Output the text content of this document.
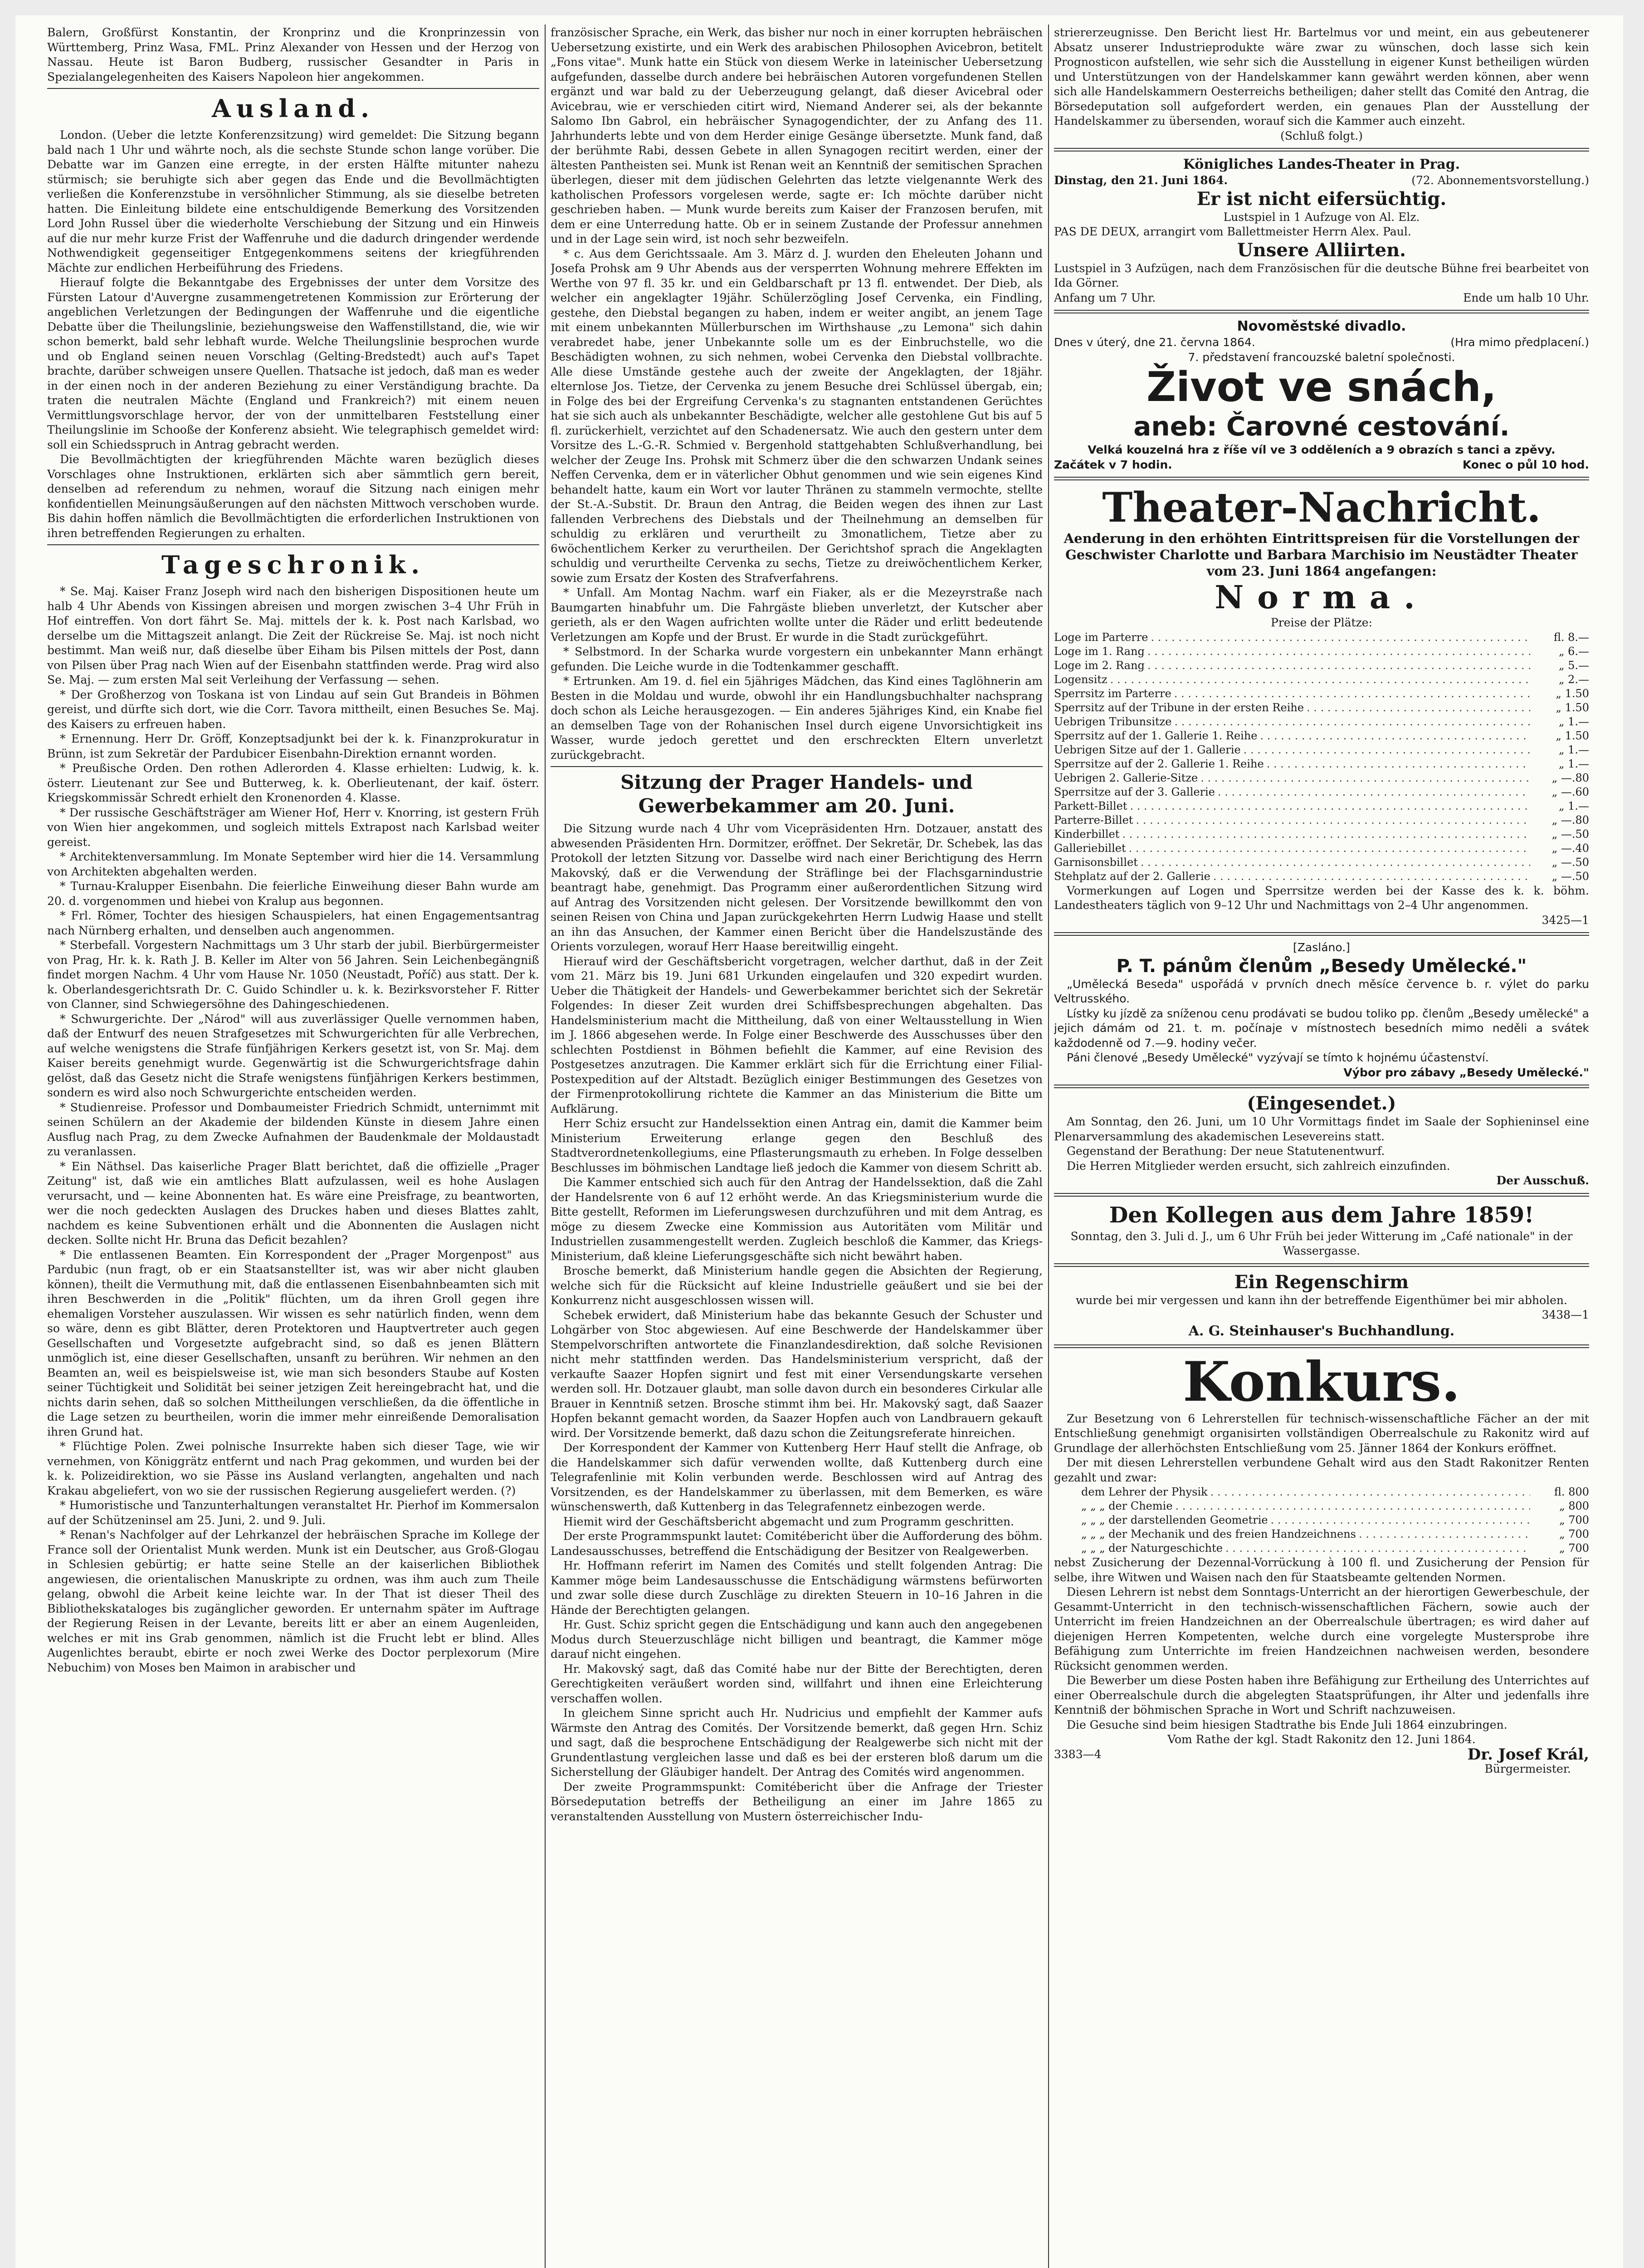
Balern, Großfürst Konstantin, der Kronprinz und die Kronprinzessin von Württemberg, Prinz Wasa, FML. Prinz Alexander von Hessen und der Herzog von Nassau. Heute ist Baron Budberg, russischer Gesandter in Paris in Spezialangelegenheiten des Kaisers Napoleon hier angekommen.

Ausland.

London. (Ueber die letzte Konferenzsitzung) wird gemeldet: Die Sitzung begann bald nach 1 Uhr und währte noch, als die sechste Stunde schon lange vorüber. Die Debatte war im Ganzen eine erregte, in der ersten Hälfte mitunter nahezu stürmisch; sie beruhigte sich aber gegen das Ende und die Bevollmächtigten verließen die Konferenzstube in versöhnlicher Stimmung, als sie dieselbe betreten hatten. Die Einleitung bildete eine entschuldigende Bemerkung des Vorsitzenden Lord John Russel über die wiederholte Verschiebung der Sitzung und ein Hinweis auf die nur mehr kurze Frist der Waffenruhe und die dadurch dringender werdende Nothwendigkeit gegenseitiger Entgegenkommens seitens der kriegführenden Mächte zur endlichen Herbeiführung des Friedens.

Hierauf folgte die Bekanntgabe des Ergebnisses der unter dem Vorsitze des Fürsten Latour d'Auvergne zusammengetretenen Kommission zur Erörterung der angeblichen Verletzungen der Bedingungen der Waffenruhe und die eigentliche Debatte über die Theilungslinie, beziehungsweise den Waffenstillstand, die, wie wir schon bemerkt, bald sehr lebhaft wurde. Welche Theilungslinie besprochen wurde und ob England seinen neuen Vorschlag (Gelting-Bredstedt) auch auf's Tapet brachte, darüber schweigen unsere Quellen. Thatsache ist jedoch, daß man es weder in der einen noch in der anderen Beziehung zu einer Verständigung brachte. Da traten die neutralen Mächte (England und Frankreich?) mit einem neuen Vermittlungsvorschlage hervor, der von der unmittelbaren Feststellung einer Theilungslinie im Schooße der Konferenz absieht. Wie telegraphisch gemeldet wird: soll ein Schiedsspruch in Antrag gebracht werden.

Die Bevollmächtigten der kriegführenden Mächte waren bezüglich dieses Vorschlages ohne Instruktionen, erklärten sich aber sämmtlich gern bereit, denselben ad referendum zu nehmen, worauf die Sitzung nach einigen mehr konfidentiellen Meinungsäußerungen auf den nächsten Mittwoch verschoben wurde. Bis dahin hoffen nämlich die Bevollmächtigten die erforderlichen Instruktionen von ihren betreffenden Regierungen zu erhalten.

Tageschronik.

* Se. Maj. Kaiser Franz Joseph wird nach den bisherigen Dispositionen heute um halb 4 Uhr Abends von Kissingen abreisen und morgen zwischen 3–4 Uhr Früh in Hof eintreffen. Von dort fährt Se. Maj. mittels der k. k. Post nach Karlsbad, wo derselbe um die Mittagszeit anlangt. Die Zeit der Rückreise Se. Maj. ist noch nicht bestimmt. Man weiß nur, daß dieselbe über Eiham bis Pilsen mittels der Post, dann von Pilsen über Prag nach Wien auf der Eisenbahn stattfinden werde. Prag wird also Se. Maj. — zum ersten Mal seit Verleihung der Verfassung — sehen.

* Der Großherzog von Toskana ist von Lindau auf sein Gut Brandeis in Böhmen gereist, und dürfte sich dort, wie die Corr. Tavora mittheilt, einen Besuches Se. Maj. des Kaisers zu erfreuen haben.

* Ernennung. Herr Dr. Gröff, Konzeptsadjunkt bei der k. k. Finanzprokuratur in Brünn, ist zum Sekretär der Pardubicer Eisenbahn-Direktion ernannt worden.

* Preußische Orden. Den rothen Adlerorden 4. Klasse erhielten: Ludwig, k. k. österr. Lieutenant zur See und Butterweg, k. k. Oberlieutenant, der kaif. österr. Kriegskommissär Schredt erhielt den Kronenorden 4. Klasse.

* Der russische Geschäftsträger am Wiener Hof, Herr v. Knorring, ist gestern Früh von Wien hier angekommen, und sogleich mittels Extrapost nach Karlsbad weiter gereist.

* Architektenversammlung. Im Monate September wird hier die 14. Versammlung von Architekten abgehalten werden.

* Turnau-Kralupper Eisenbahn. Die feierliche Einweihung dieser Bahn wurde am 20. d. vorgenommen und hiebei von Kralup aus begonnen.

* Frl. Römer, Tochter des hiesigen Schauspielers, hat einen Engagementsantrag nach Nürnberg erhalten, und denselben auch angenommen.

* Sterbefall. Vorgestern Nachmittags um 3 Uhr starb der jubil. Bierbürgermeister von Prag, Hr. k. k. Rath J. B. Keller im Alter von 56 Jahren. Sein Leichenbegängniß findet morgen Nachm. 4 Uhr vom Hause Nr. 1050 (Neustadt, Poříč) aus statt. Der k. k. Oberlandesgerichtsrath Dr. C. Guido Schindler u. k. k. Bezirksvorsteher F. Ritter von Clanner, sind Schwiegersöhne des Dahingeschiedenen.

* Schwurgerichte. Der „Národ" will aus zuverlässiger Quelle vernommen haben, daß der Entwurf des neuen Strafgesetzes mit Schwurgerichten für alle Verbrechen, auf welche wenigstens die Strafe fünfjährigen Kerkers gesetzt ist, von Sr. Maj. dem Kaiser bereits genehmigt wurde. Gegenwärtig ist die Schwurgerichtsfrage dahin gelöst, daß das Gesetz nicht die Strafe wenigstens fünfjährigen Kerkers bestimmen, sondern es wird also noch Schwurgerichte entscheiden werden.

* Studienreise. Professor und Dombaumeister Friedrich Schmidt, unternimmt mit seinen Schülern an der Akademie der bildenden Künste in diesem Jahre einen Ausflug nach Prag, zu dem Zwecke Aufnahmen der Baudenkmale der Moldaustadt zu veranlassen.

* Ein Näthsel. Das kaiserliche Prager Blatt berichtet, daß die offizielle „Prager Zeitung" ist, daß wie ein amtliches Blatt aufzulassen, weil es hohe Auslagen verursacht, und — keine Abonnenten hat. Es wäre eine Preisfrage, zu beantworten, wer die noch gedeckten Auslagen des Druckes haben und dieses Blattes zahlt, nachdem es keine Subventionen erhält und die Abonnenten die Auslagen nicht decken. Sollte nicht Hr. Bruna das Deficit bezahlen?

* Die entlassenen Beamten. Ein Korrespondent der „Prager Morgenpost" aus Pardubic (nun fragt, ob er ein Staatsanstellter ist, was wir aber nicht glauben können), theilt die Vermuthung mit, daß die entlassenen Eisenbahnbeamten sich mit ihren Beschwerden in die „Politik" flüchten, um da ihren Groll gegen ihre ehemaligen Vorsteher auszulassen. Wir wissen es sehr natürlich finden, wenn dem so wäre, denn es gibt Blätter, deren Protektoren und Hauptvertreter auch gegen Gesellschaften und Vorgesetzte aufgebracht sind, so daß es jenen Blättern unmöglich ist, eine dieser Gesellschaften, unsanft zu berühren. Wir nehmen an den Beamten an, weil es beispielsweise ist, wie man sich besonders Staube auf Kosten seiner Tüchtigkeit und Solidität bei seiner jetzigen Zeit hereingebracht hat, und die nichts darin sehen, daß so solchen Mittheilungen verschließen, da die öffentliche in die Lage setzen zu beurtheilen, worin die immer mehr einreißende Demoralisation ihren Grund hat.

* Flüchtige Polen. Zwei polnische Insurrekte haben sich dieser Tage, wie wir vernehmen, von Königgrätz entfernt und nach Prag gekommen, und wurden bei der k. k. Polizeidirektion, wo sie Pässe ins Ausland verlangten, angehalten und nach Krakau abgeliefert, von wo sie der russischen Regierung ausgeliefert werden. (?)

* Humoristische und Tanzunterhaltungen veranstaltet Hr. Pierhof im Kommersalon auf der Schützeninsel am 25. Juni, 2. und 9. Juli.

* Renan's Nachfolger auf der Lehrkanzel der hebräischen Sprache im Kollege der France soll der Orientalist Munk werden. Munk ist ein Deutscher, aus Groß-Glogau in Schlesien gebürtig; er hatte seine Stelle an der kaiserlichen Bibliothek angewiesen, die orientalischen Manuskripte zu ordnen, was ihm auch zum Theile gelang, obwohl die Arbeit keine leichte war. In der That ist dieser Theil des Bibliothekskataloges bis zugänglicher geworden. Er unternahm später im Auftrage der Regierung Reisen in der Levante, bereits litt er aber an einem Augenleiden, welches er mit ins Grab genommen, nämlich ist die Frucht lebt er blind. Alles Augenlichtes beraubt, ebirte er noch zwei Werke des Doctor perplexorum (Mire Nebuchim) von Moses ben Maimon in arabischer und

französischer Sprache, ein Werk, das bisher nur noch in einer korrupten hebräischen Uebersetzung existirte, und ein Werk des arabischen Philosophen Avicebron, betitelt „Fons vitae". Munk hatte ein Stück von diesem Werke in lateinischer Uebersetzung aufgefunden, dasselbe durch andere bei hebräischen Autoren vorgefundenen Stellen ergänzt und war bald zu der Ueberzeugung gelangt, daß dieser Avicebral oder Avicebrau, wie er verschieden citirt wird, Niemand Anderer sei, als der bekannte Salomo Ibn Gabrol, ein hebräischer Synagogendichter, der zu Anfang des 11. Jahrhunderts lebte und von dem Herder einige Gesänge übersetzte. Munk fand, daß der berühmte Rabi, dessen Gebete in allen Synagogen recitirt werden, einer der ältesten Pantheisten sei. Munk ist Renan weit an Kenntniß der semitischen Sprachen überlegen, dieser mit dem jüdischen Gelehrten das letzte vielgenannte Werk des katholischen Professors vorgelesen werde, sagte er: Ich möchte darüber nicht geschrieben haben. — Munk wurde bereits zum Kaiser der Franzosen berufen, mit dem er eine Unterredung hatte. Ob er in seinem Zustande der Professur annehmen und in der Lage sein wird, ist noch sehr bezweifeln.

* c. Aus dem Gerichtssaale. Am 3. März d. J. wurden den Eheleuten Johann und Josefa Prohsk am 9 Uhr Abends aus der versperrten Wohnung mehrere Effekten im Werthe von 97 fl. 35 kr. und ein Geldbarschaft pr 13 fl. entwendet. Der Dieb, als welcher ein angeklagter 19jähr. Schülerzögling Josef Cervenka, ein Findling, gestehe, den Diebstal begangen zu haben, indem er weiter angibt, an jenem Tage mit einem unbekannten Müllerburschen im Wirthshause „zu Lemona" sich dahin verabredet habe, jener Unbekannte solle um es der Einbruchstelle, wo die Beschädigten wohnen, zu sich nehmen, wobei Cervenka den Diebstal vollbrachte. Alle diese Umstände gestehe auch der zweite der Angeklagten, der 18jähr. elternlose Jos. Tietze, der Cervenka zu jenem Besuche drei Schlüssel übergab, ein; in Folge des bei der Ergreifung Cervenka's zu stagnanten entstandenen Gerüchtes hat sie sich auch als unbekannter Beschädigte, welcher alle gestohlene Gut bis auf 5 fl. zurückerhielt, verzichtet auf den Schadenersatz. Wie auch den gestern unter dem Vorsitze des L.-G.-R. Schmied v. Bergenhold stattgehabten Schlußverhandlung, bei welcher der Zeuge Ins. Prohsk mit Schmerz über die den schwarzen Undank seines Neffen Cervenka, dem er in väterlicher Obhut genommen und wie sein eigenes Kind behandelt hatte, kaum ein Wort vor lauter Thränen zu stammeln vermochte, stellte der St.-A.-Substit. Dr. Braun den Antrag, die Beiden wegen des ihnen zur Last fallenden Verbrechens des Diebstals und der Theilnehmung an demselben für schuldig zu erklären und verurtheilt zu 3monatlichem, Tietze aber zu 6wöchentlichem Kerker zu verurtheilen. Der Gerichtshof sprach die Angeklagten schuldig und verurtheilte Cervenka zu sechs, Tietze zu dreiwöchentlichem Kerker, sowie zum Ersatz der Kosten des Strafverfahrens.

* Unfall. Am Montag Nachm. warf ein Fiaker, als er die Mezeyrstraße nach Baumgarten hinabfuhr um. Die Fahrgäste blieben unverletzt, der Kutscher aber gerieth, als er den Wagen aufrichten wollte unter die Räder und erlitt bedeutende Verletzungen am Kopfe und der Brust. Er wurde in die Stadt zurückgeführt.

* Selbstmord. In der Scharka wurde vorgestern ein unbekannter Mann erhängt gefunden. Die Leiche wurde in die Todtenkammer geschafft.

* Ertrunken. Am 19. d. fiel ein 5jähriges Mädchen, das Kind eines Taglöhnerin am Besten in die Moldau und wurde, obwohl ihr ein Handlungsbuchhalter nachsprang doch schon als Leiche herausgezogen. — Ein anderes 5jähriges Kind, ein Knabe fiel an demselben Tage von der Rohanischen Insel durch eigene Unvorsichtigkeit ins Wasser, wurde jedoch gerettet und den erschreckten Eltern unverletzt zurückgebracht.

Sitzung der Prager Handels- und Gewerbekammer am 20. Juni.

Die Sitzung wurde nach 4 Uhr vom Vicepräsidenten Hrn. Dotzauer, anstatt des abwesenden Präsidenten Hrn. Dormitzer, eröffnet. Der Sekretär, Dr. Schebek, las das Protokoll der letzten Sitzung vor. Dasselbe wird nach einer Berichtigung des Herrn Makovský, daß er die Verwendung der Sträflinge bei der Flachsgarnindustrie beantragt habe, genehmigt. Das Programm einer außerordentlichen Sitzung wird auf Antrag des Vorsitzenden nicht gelesen. Der Vorsitzende bewillkommt den von seinen Reisen von China und Japan zurückgekehrten Herrn Ludwig Haase und stellt an ihn das Ansuchen, der Kammer einen Bericht über die Handelszustände des Orients vorzulegen, worauf Herr Haase bereitwillig eingeht.

Hierauf wird der Geschäftsbericht vorgetragen, welcher darthut, daß in der Zeit vom 21. März bis 19. Juni 681 Urkunden eingelaufen und 320 expedirt wurden. Ueber die Thätigkeit der Handels- und Gewerbekammer berichtet sich der Sekretär Folgendes: In dieser Zeit wurden drei Schiffsbesprechungen abgehalten. Das Handelsministerium macht die Mittheilung, daß von einer Weltausstellung in Wien im J. 1866 abgesehen werde. In Folge einer Beschwerde des Ausschusses über den schlechten Postdienst in Böhmen befiehlt die Kammer, auf eine Revision des Postgesetzes anzutragen. Die Kammer erklärt sich für die Errichtung einer Filial-Postexpedition auf der Altstadt. Bezüglich einiger Bestimmungen des Gesetzes von der Firmenprotokollirung richtete die Kammer an das Ministerium die Bitte um Aufklärung.

Herr Schiz ersucht zur Handelssektion einen Antrag ein, damit die Kammer beim Ministerium Erweiterung erlange gegen den Beschluß des Stadtverordnetenkollegiums, eine Pflasterungsmauth zu erheben. In Folge desselben Beschlusses im böhmischen Landtage ließ jedoch die Kammer von diesem Schritt ab.

Die Kammer entschied sich auch für den Antrag der Handelssektion, daß die Zahl der Handelsrente von 6 auf 12 erhöht werde. An das Kriegsministerium wurde die Bitte gestellt, Reformen im Lieferungswesen durchzuführen und mit dem Antrag, es möge zu diesem Zwecke eine Kommission aus Autoritäten vom Militär und Industriellen zusammengestellt werden. Zugleich beschloß die Kammer, das Kriegs-Ministerium, daß kleine Lieferungsgeschäfte sich nicht bewährt haben.

Brosche bemerkt, daß Ministerium handle gegen die Absichten der Regierung, welche sich für die Rücksicht auf kleine Industrielle geäußert und sie bei der Konkurrenz nicht ausgeschlossen wissen will.

Schebek erwidert, daß Ministerium habe das bekannte Gesuch der Schuster und Lohgärber von Stoc abgewiesen. Auf eine Beschwerde der Handelskammer über Stempelvorschriften antwortete die Finanzlandesdirektion, daß solche Revisionen nicht mehr stattfinden werden. Das Handelsministerium verspricht, daß der verkaufte Saazer Hopfen signirt und fest mit einer Versendungskarte versehen werden soll. Hr. Dotzauer glaubt, man solle davon durch ein besonderes Cirkular alle Brauer in Kenntniß setzen. Brosche stimmt ihm bei. Hr. Makovský sagt, daß Saazer Hopfen bekannt gemacht worden, da Saazer Hopfen auch von Landbrauern gekauft wird. Der Vorsitzende bemerkt, daß dazu schon die Zeitungsreferate hinreichen.

Der Korrespondent der Kammer von Kuttenberg Herr Hauf stellt die Anfrage, ob die Handelskammer sich dafür verwenden wollte, daß Kuttenberg durch eine Telegrafenlinie mit Kolin verbunden werde. Beschlossen wird auf Antrag des Vorsitzenden, es der Handelskammer zu überlassen, mit dem Bemerken, es wäre wünschenswerth, daß Kuttenberg in das Telegrafennetz einbezogen werde.

Hiemit wird der Geschäftsbericht abgemacht und zum Programm geschritten.

Der erste Programmspunkt lautet: Comitébericht über die Aufforderung des böhm. Landesausschusses, betreffend die Entschädigung der Besitzer von Realgewerben.

Hr. Hoffmann referirt im Namen des Comités und stellt folgenden Antrag: Die Kammer möge beim Landesausschusse die Entschädigung wärmstens befürworten und zwar solle diese durch Zuschläge zu direkten Steuern in 10–16 Jahren in die Hände der Berechtigten gelangen.

Hr. Gust. Schiz spricht gegen die Entschädigung und kann auch den angegebenen Modus durch Steuerzuschläge nicht billigen und beantragt, die Kammer möge darauf nicht eingehen.

Hr. Makovský sagt, daß das Comité habe nur der Bitte der Berechtigten, deren Gerechtigkeiten veräußert worden sind, willfahrt und ihnen eine Erleichterung verschaffen wollen.

In gleichem Sinne spricht auch Hr. Nudricius und empfiehlt der Kammer aufs Wärmste den Antrag des Comités. Der Vorsitzende bemerkt, daß gegen Hrn. Schiz und sagt, daß die besprochene Entschädigung der Realgewerbe sich nicht mit der Grundentlastung vergleichen lasse und daß es bei der ersteren bloß darum um die Sicherstellung der Gläubiger handelt. Der Antrag des Comités wird angenommen.

Der zweite Programmspunkt: Comitébericht über die Anfrage der Triester Börsedeputation betreffs der Betheiligung an einer im Jahre 1865 zu veranstaltenden Ausstellung von Mustern österreichischer Indu-

striererzeugnisse. Den Bericht liest Hr. Bartelmus vor und meint, ein aus gebeutenerer Absatz unserer Industrieprodukte wäre zwar zu wünschen, doch lasse sich kein Prognosticon aufstellen, wie sehr sich die Ausstellung in eigener Kunst betheiligen würden und Unterstützungen von der Handelskammer kann gewährt werden können, aber wenn sich alle Handelskammern Oesterreichs betheiligen; daher stellt das Comité den Antrag, die Börsedeputation soll aufgefordert werden, ein genaues Plan der Ausstellung der Handelskammer zu übersenden, worauf sich die Kammer auch einzeht.

(Schluß folgt.)

Königliches Landes-Theater in Prag.
Dinstag, den 21. Juni 1864.	(72. Abonnementsvorstellung.)
Er ist nicht eifersüchtig.

Lustspiel in 1 Aufzuge von Al. Elz.

PAS DE DEUX, arrangirt vom Ballettmeister Herrn Alex. Paul.

Unsere Alliirten.

Lustspiel in 3 Aufzügen, nach dem Französischen für die deutsche Bühne frei bearbeitet von Ida Görner.

Anfang um 7 Uhr.	Ende um halb 10 Uhr.
Novoměstské divadlo.
Dnes v úterý, dne 21. června 1864.	(Hra mimo předplacení.)

7. představení francouzské baletní společnosti.

Život ve snách,
aneb: Čarovné cestování.

Velká kouzelná hra z říše víl ve 3 odděleních a 9 obrazích s tanci a zpěvy.

Začátek v 7 hodin.	Konec o půl 10 hod.
Theater-Nachricht.

Aenderung in den erhöhten Eintrittspreisen für die Vorstellungen der Geschwister Charlotte und Barbara Marchisio im Neustädter Theater vom 23. Juni 1864 angefangen:

Norma.

Preise der Plätze:

Loge im Parterre . . .	fl. 8.—
Loge im 1. Rang . . .	„ 6.—
Loge im 2. Rang . . .	„ 5.—
Logensitz . . .	„ 2.—
Sperrsitz im Parterre . . .	„ 1.50
Sperrsitz auf der Tribune in der ersten Reihe . . .	„ 1.50
Uebrigen Tribunsitze . . .	„ 1.—
Sperrsitz auf der 1. Gallerie 1. Reihe . . .	„ 1.50
Uebrigen Sitze auf der 1. Gallerie . . .	„ 1.—
Sperrsitze auf der 2. Gallerie 1. Reihe . . .	„ 1.—
Uebrigen 2. Gallerie-Sitze . . .	„ —.80
Sperrsitze auf der 3. Gallerie . . .	„ —.60
Parkett-Billet . . .	„ 1.—
Parterre-Billet . . .	„ —.80
Kinderbillet . . .	„ —.50
Galleriebillet . . .	„ —.40
Garnisonsbillet . . .	„ —.50
Stehplatz auf der 2. Gallerie . . .	„ —.50

Vormerkungen auf Logen und Sperrsitze werden bei der Kasse des k. k. böhm. Landestheaters täglich von 9–12 Uhr und Nachmittags von 2–4 Uhr angenommen.

3425—1

[Zasláno.]

P. T. pánům členům „Besedy Umělecké."

„Umělecká Beseda" uspořádá v prvních dnech měsíce července b. r. výlet do parku Veltrusského.

Lístky ku jízdě za sníženou cenu prodávati se budou toliko pp. členům „Besedy umělecké" a jejich dámám od 21. t. m. počínaje v místnostech besedních mimo neděli a svátek každodenně od 7.—9. hodiny večer.

Páni členové „Besedy Umělecké" vyzývají se tímto k hojnému účastenství.

Výbor pro zábavy „Besedy Umělecké."

(Eingesendet.)

Am Sonntag, den 26. Juni, um 10 Uhr Vormittags findet im Saale der Sophieninsel eine Plenarversammlung des akademischen Lesevereins statt.

Gegenstand der Berathung: Der neue Statutenentwurf.

Die Herren Mitglieder werden ersucht, sich zahlreich einzufinden.

Der Ausschuß.

Den Kollegen aus dem Jahre 1859!

Sonntag, den 3. Juli d. J., um 6 Uhr Früh bei jeder Witterung im „Café nationale" in der Wassergasse.

Ein Regenschirm

wurde bei mir vergessen und kann ihn der betreffende Eigenthümer bei mir abholen.

3438—1

A. G. Steinhauser's Buchhandlung.
Konkurs.

Zur Besetzung von 6 Lehrerstellen für technisch-wissenschaftliche Fächer an der mit Entschließung genehmigt organisirten vollständigen Oberrealschule zu Rakonitz wird auf Grundlage der allerhöchsten Entschließung vom 25. Jänner 1864 der Konkurs eröffnet.

Der mit diesen Lehrerstellen verbundene Gehalt wird aus den Stadt Rakonitzer Renten gezahlt und zwar:

dem Lehrer der Physik . . .	fl. 800
„ „ „ der Chemie . . .	„ 800
„ „ „ der darstellenden Geometrie . . .	„ 700
„ „ „ der Mechanik und des freien Handzeichnens . . .	„ 700
„ „ „ der Naturgeschichte . . .	„ 700

nebst Zusicherung der Dezennal-Vorrückung à 100 fl. und Zusicherung der Pension für selbe, ihre Witwen und Waisen nach den für Staatsbeamte geltenden Normen.

Diesen Lehrern ist nebst dem Sonntags-Unterricht an der hierortigen Gewerbeschule, der Gesammt-Unterricht in den technisch-wissenschaftlichen Fächern, sowie auch der Unterricht im freien Handzeichnen an der Oberrealschule übertragen; es wird daher auf diejenigen Herren Kompetenten, welche durch eine vorgelegte Mustersprobe ihre Befähigung zum Unterrichte im freien Handzeichnen nachweisen werden, besondere Rücksicht genommen werden.

Die Bewerber um diese Posten haben ihre Befähigung zur Ertheilung des Unterrichtes auf einer Oberrealschule durch die abgelegten Staatsprüfungen, ihr Alter und jedenfalls ihre Kenntniß der böhmischen Sprache in Wort und Schrift nachzuweisen.

Die Gesuche sind beim hiesigen Stadtrathe bis Ende Juli 1864 einzubringen.

Vom Rathe der kgl. Stadt Rakonitz den 12. Juni 1864.

3383—4	Dr. Josef Král,

Bürgermeister.
